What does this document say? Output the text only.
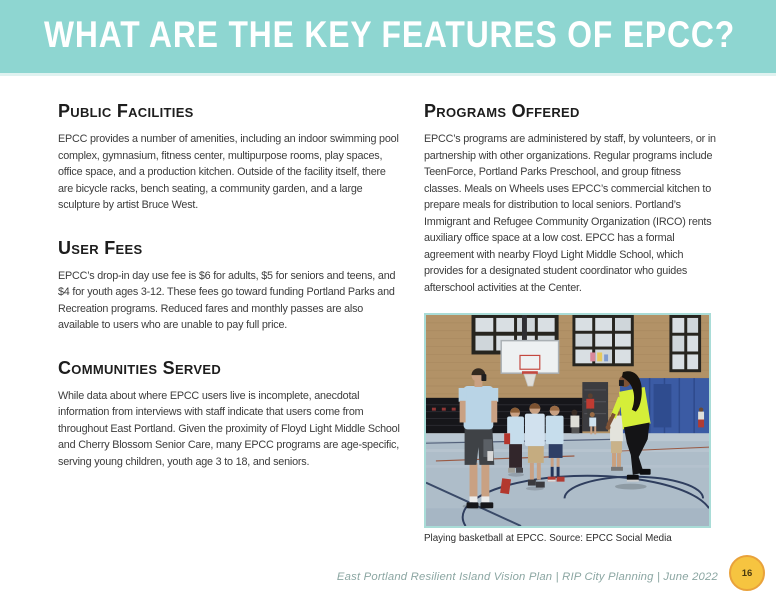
WHAT ARE THE KEY FEATURES OF EPCC?
Public Facilities

EPCC provides a number of amenities, including an indoor swimming pool complex, gymnasium, fitness center, multipurpose rooms, play spaces, office space, and a production kitchen. Outside of the facility itself, there are bicycle racks, bench seating, a community garden, and a large sculpture by artist Bruce West.

User Fees

EPCC’s drop-in day use fee is $6 for adults, $5 for seniors and teens, and $4 for youth ages 3-12. These fees go toward funding Portland Parks and Recreation programs. Reduced fares and monthly passes are also available to users who are unable to pay full price.

Communities Served

While data about where EPCC users live is incomplete, anecdotal information from interviews with staff indicate that users come from throughout East Portland. Given the proximity of Floyd Light Middle School and Cherry Blossom Senior Care, many EPCC programs are age-specific, serving young children, youth age 3 to 18, and seniors.

Programs Offered

EPCC’s programs are administered by staff, by volunteers, or in partnership with other organizations. Regular programs include TeenForce, Portland Parks Preschool, and group fitness classes. Meals on Wheels uses EPCC’s commercial kitchen to prepare meals for distribution to local seniors. Portland’s Immigrant and Refugee Community Organization (IRCO) rents auxiliary office space at a low cost. EPCC has a formal agreement with nearby Floyd Light Middle School, which provides for a designated student coordinator who guides afterschool activities at the Center.

Playing basketball at EPCC. Source: EPCC Social Media
East Portland Resilient Island Vision Plan | RIP City Planning | June 2022	16
